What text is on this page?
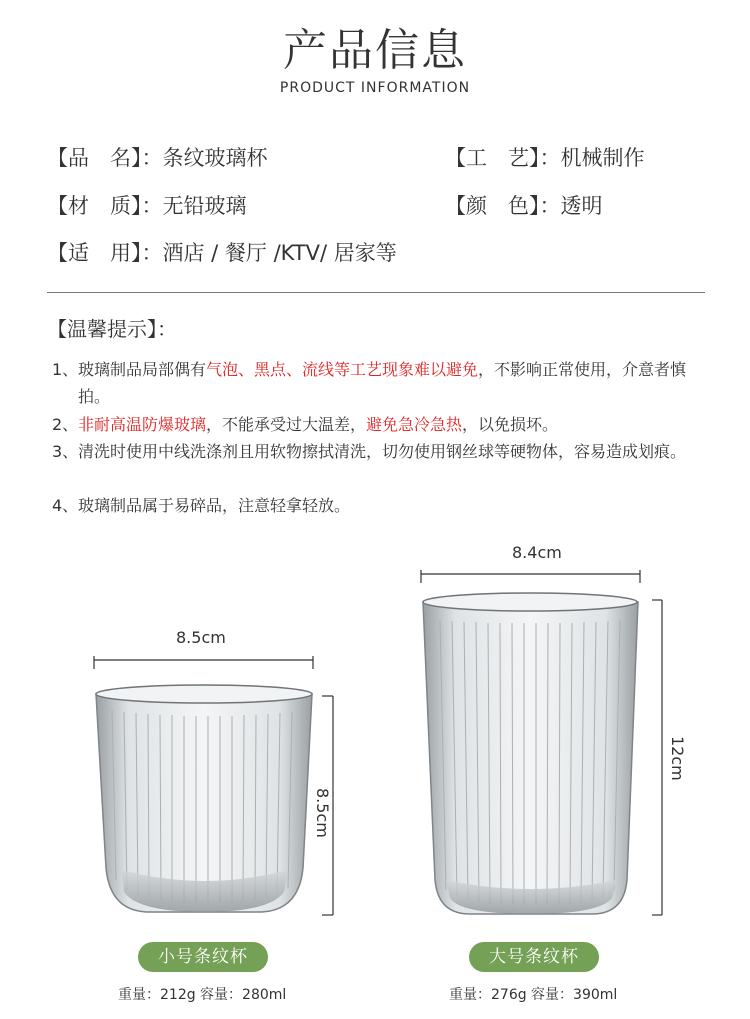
产品信息
PRODUCT INFORMATION
【品　名】：条纹玻璃杯	【工　艺】：机械制作
【材　质】：无铅玻璃	【颜　色】：透明
【适　用】：酒店 / 餐厅 /KTV/ 居家等
【温馨提示】：
1、 玻璃制品局部偶有气泡、黑点、流线等工艺现象难以避免，不影响正常使用，介意者慎拍。
2、 非耐高温防爆玻璃，不能承受过大温差，避免急冷急热，以免损坏。
3、 清洗时使用中线洗涤剂且用软物擦拭清洗，切勿使用钢丝球等硬物体，容易造成划痕。
4、 玻璃制品属于易碎品，注意轻拿轻放。
8.5cm
8.5cm
8.4cm
12cm
小号条纹杯	大号条纹杯
重量：212g 容量：280ml	重量：276g 容量：390ml
